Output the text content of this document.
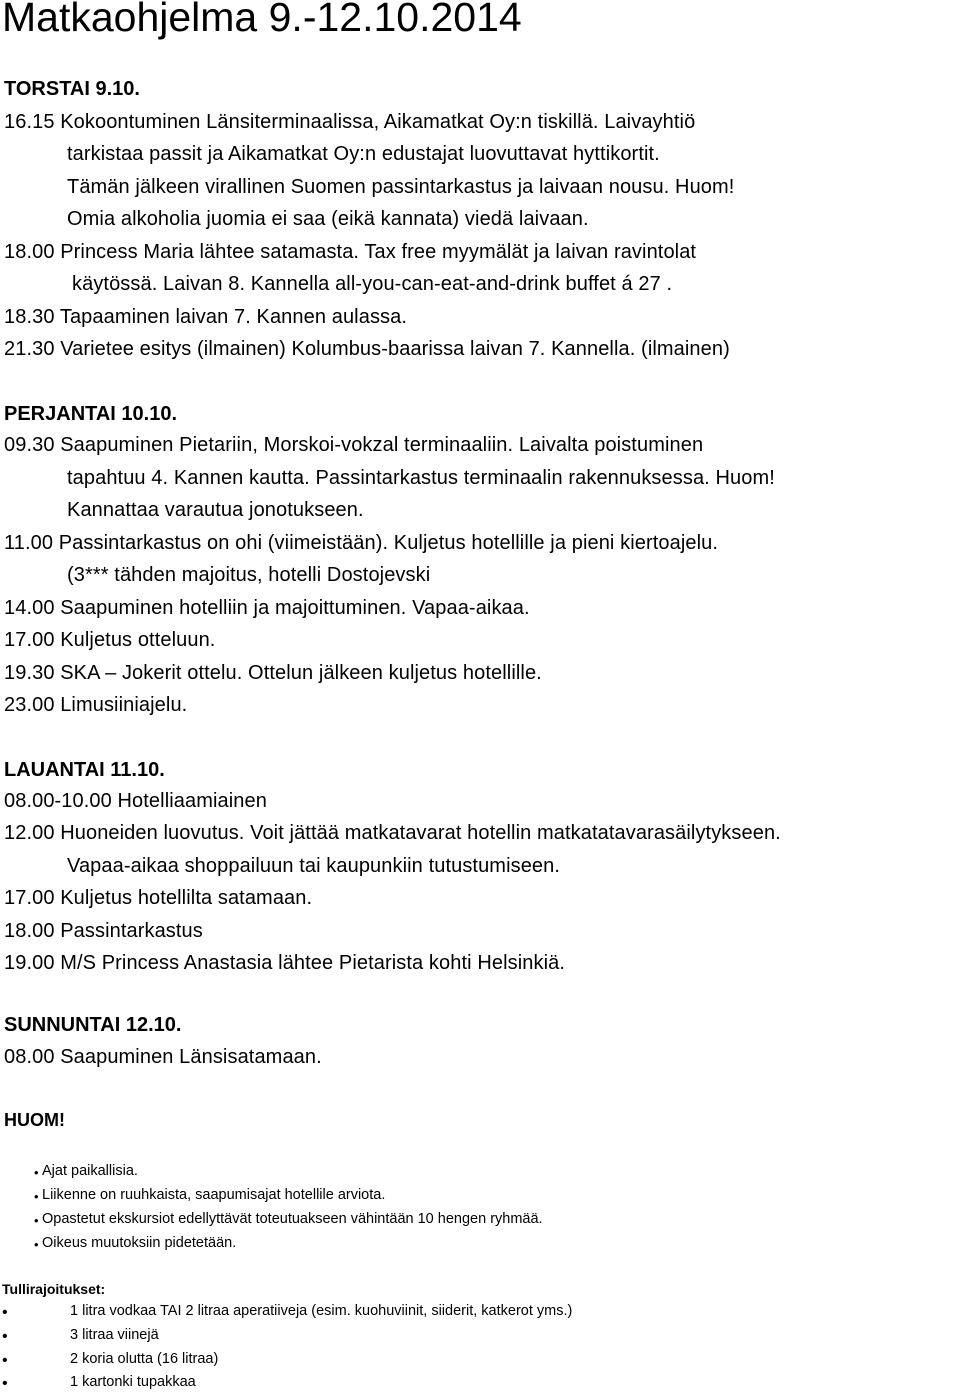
Matkaohjelma 9.-12.10.2014
TORSTAI 9.10.
16.15 Kokoontuminen Länsiterminaalissa, Aikamatkat Oy:n tiskillä. Laivayhtiö
tarkistaa passit ja Aikamatkat Oy:n edustajat luovuttavat hyttikortit.
Tämän jälkeen virallinen Suomen passintarkastus ja laivaan nousu. Huom!
Omia alkoholia juomia ei saa (eikä kannata) viedä laivaan.
18.00 Princess Maria lähtee satamasta. Tax free myymälät ja laivan ravintolat
käytössä. Laivan 8. Kannella all-you-can-eat-and-drink buffet á 27 .
18.30 Tapaaminen laivan 7. Kannen aulassa.
21.30 Varietee esitys (ilmainen) Kolumbus-baarissa laivan 7. Kannella. (ilmainen)
PERJANTAI 10.10.
09.30 Saapuminen Pietariin, Morskoi-vokzal terminaaliin. Laivalta poistuminen
tapahtuu 4. Kannen kautta. Passintarkastus terminaalin rakennuksessa. Huom!
Kannattaa varautua jonotukseen.
11.00 Passintarkastus on ohi (viimeistään). Kuljetus hotellille ja pieni kiertoajelu.
(3*** tähden majoitus, hotelli Dostojevski
14.00 Saapuminen hotelliin ja majoittuminen. Vapaa-aikaa.
17.00 Kuljetus otteluun.
19.30 SKA – Jokerit ottelu. Ottelun jälkeen kuljetus hotellille.
23.00 Limusiiniajelu.
LAUANTAI 11.10.
08.00-10.00 Hotelliaamiainen
12.00 Huoneiden luovutus. Voit jättää matkatavarat hotellin matkatatavarasäilytykseen.
Vapaa-aikaa shoppailuun tai kaupunkiin tutustumiseen.
17.00 Kuljetus hotellilta satamaan.
18.00 Passintarkastus
19.00 M/S Princess Anastasia lähtee Pietarista kohti Helsinkiä.
SUNNUNTAI 12.10.
08.00 Saapuminen Länsisatamaan.
HUOM!
• Ajat paikallisia.
• Liikenne on ruuhkaista, saapumisajat hotellile arviota.
• Opastetut ekskursiot edellyttävät toteutuakseen vähintään 10 hengen ryhmää.
• Oikeus muutoksiin pidetetään.
Tullirajoitukset:
•	1 litra vodkaa TAI 2 litraa aperatiiveja (esim. kuohuviinit, siiderit, katkerot yms.)
•	3 litraa viinejä
•	2 koria olutta (16 litraa)
•	1 kartonki tupakkaa
